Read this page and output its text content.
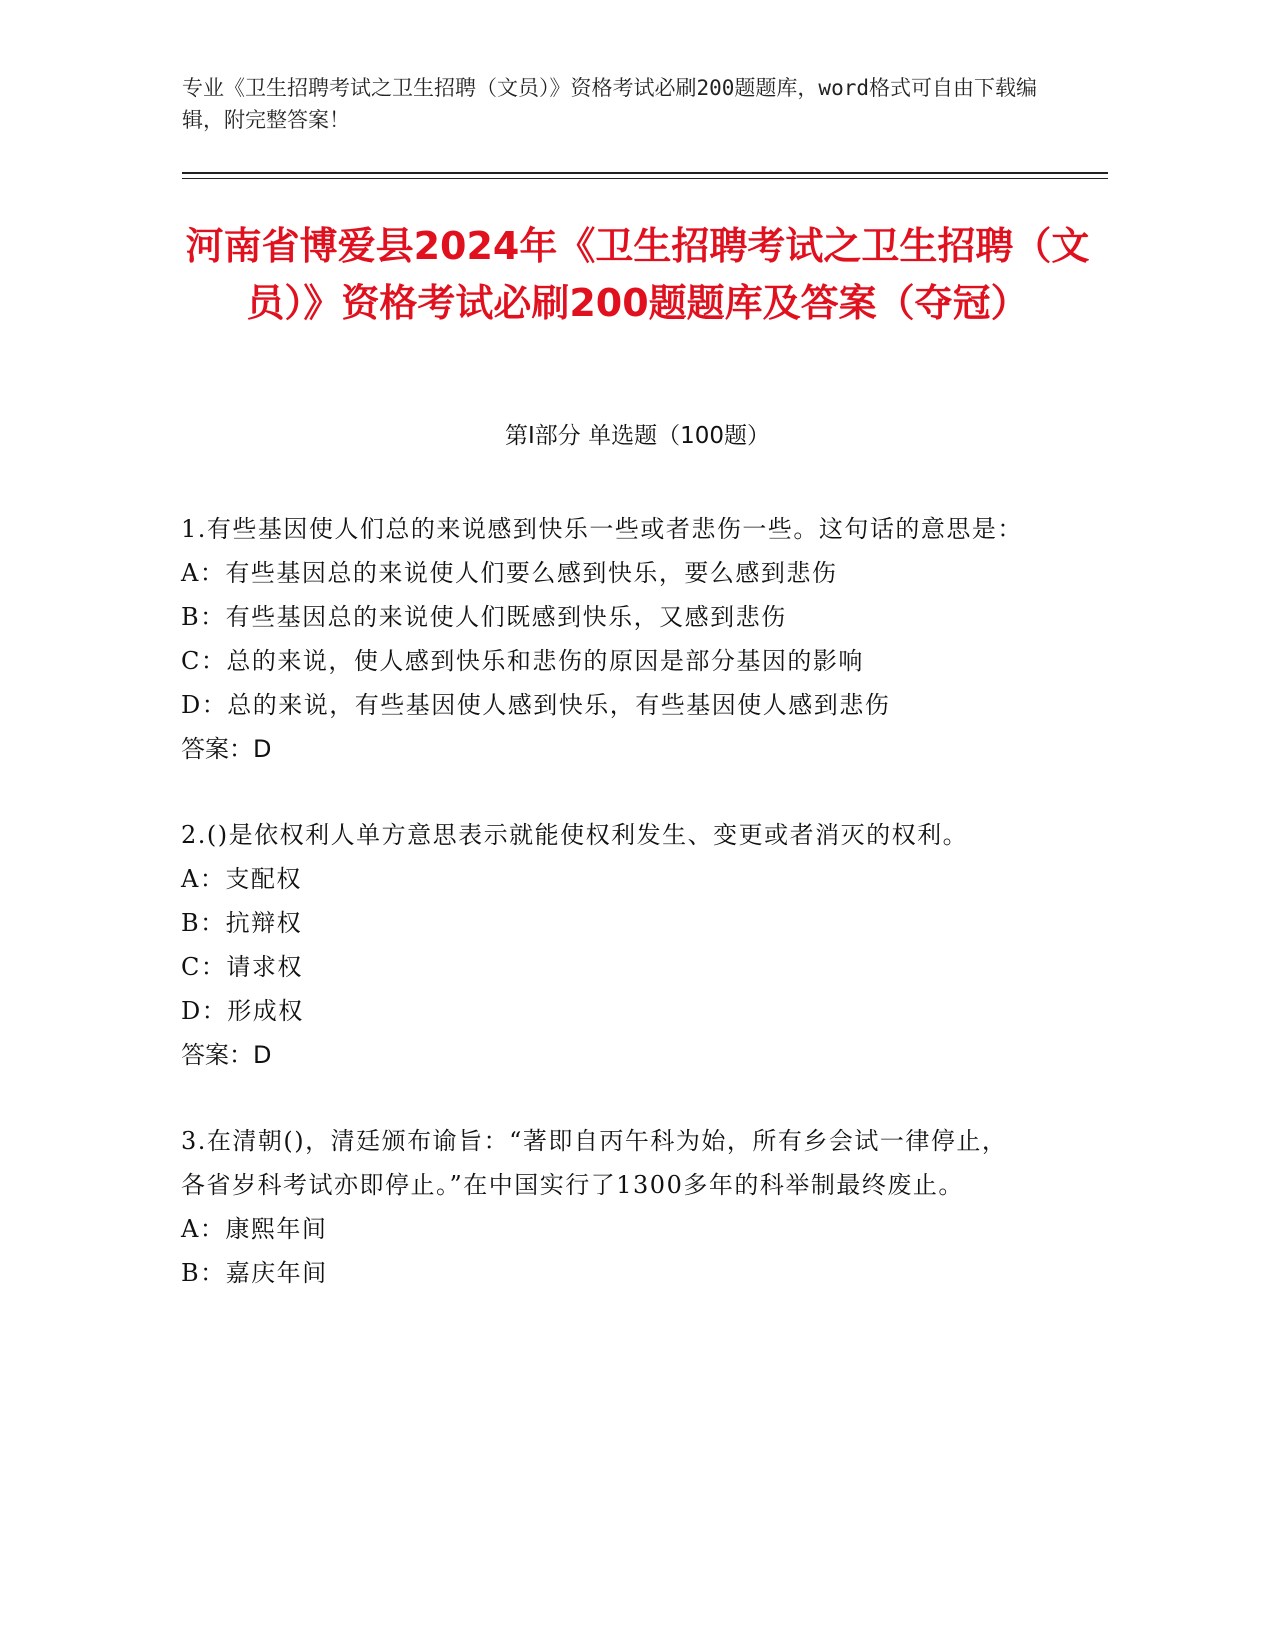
专业《卫生招聘考试之卫生招聘（文员）》资格考试必刷200题题库，word格式可自由下载编辑，附完整答案！
河南省博爱县2024年《卫生招聘考试之卫生招聘（文员）》资格考试必刷200题题库及答案（夺冠）
第Ⅰ部分 单选题（100题）
1.有些基因使人们总的来说感到快乐一些或者悲伤一些。这句话的意思是：
A：有些基因总的来说使人们要么感到快乐，要么感到悲伤
B：有些基因总的来说使人们既感到快乐，又感到悲伤
C：总的来说，使人感到快乐和悲伤的原因是部分基因的影响
D：总的来说，有些基因使人感到快乐，有些基因使人感到悲伤
答案：D
2.()是依权利人单方意思表示就能使权利发生、变更或者消灭的权利。
A：支配权
B：抗辩权
C：请求权
D：形成权
答案：D
3.在清朝()，清廷颁布谕旨：“著即自丙午科为始，所有乡会试一律停止，各省岁科考试亦即停止。”在中国实行了1300多年的科举制最终废止。
A：康熙年间
B：嘉庆年间
